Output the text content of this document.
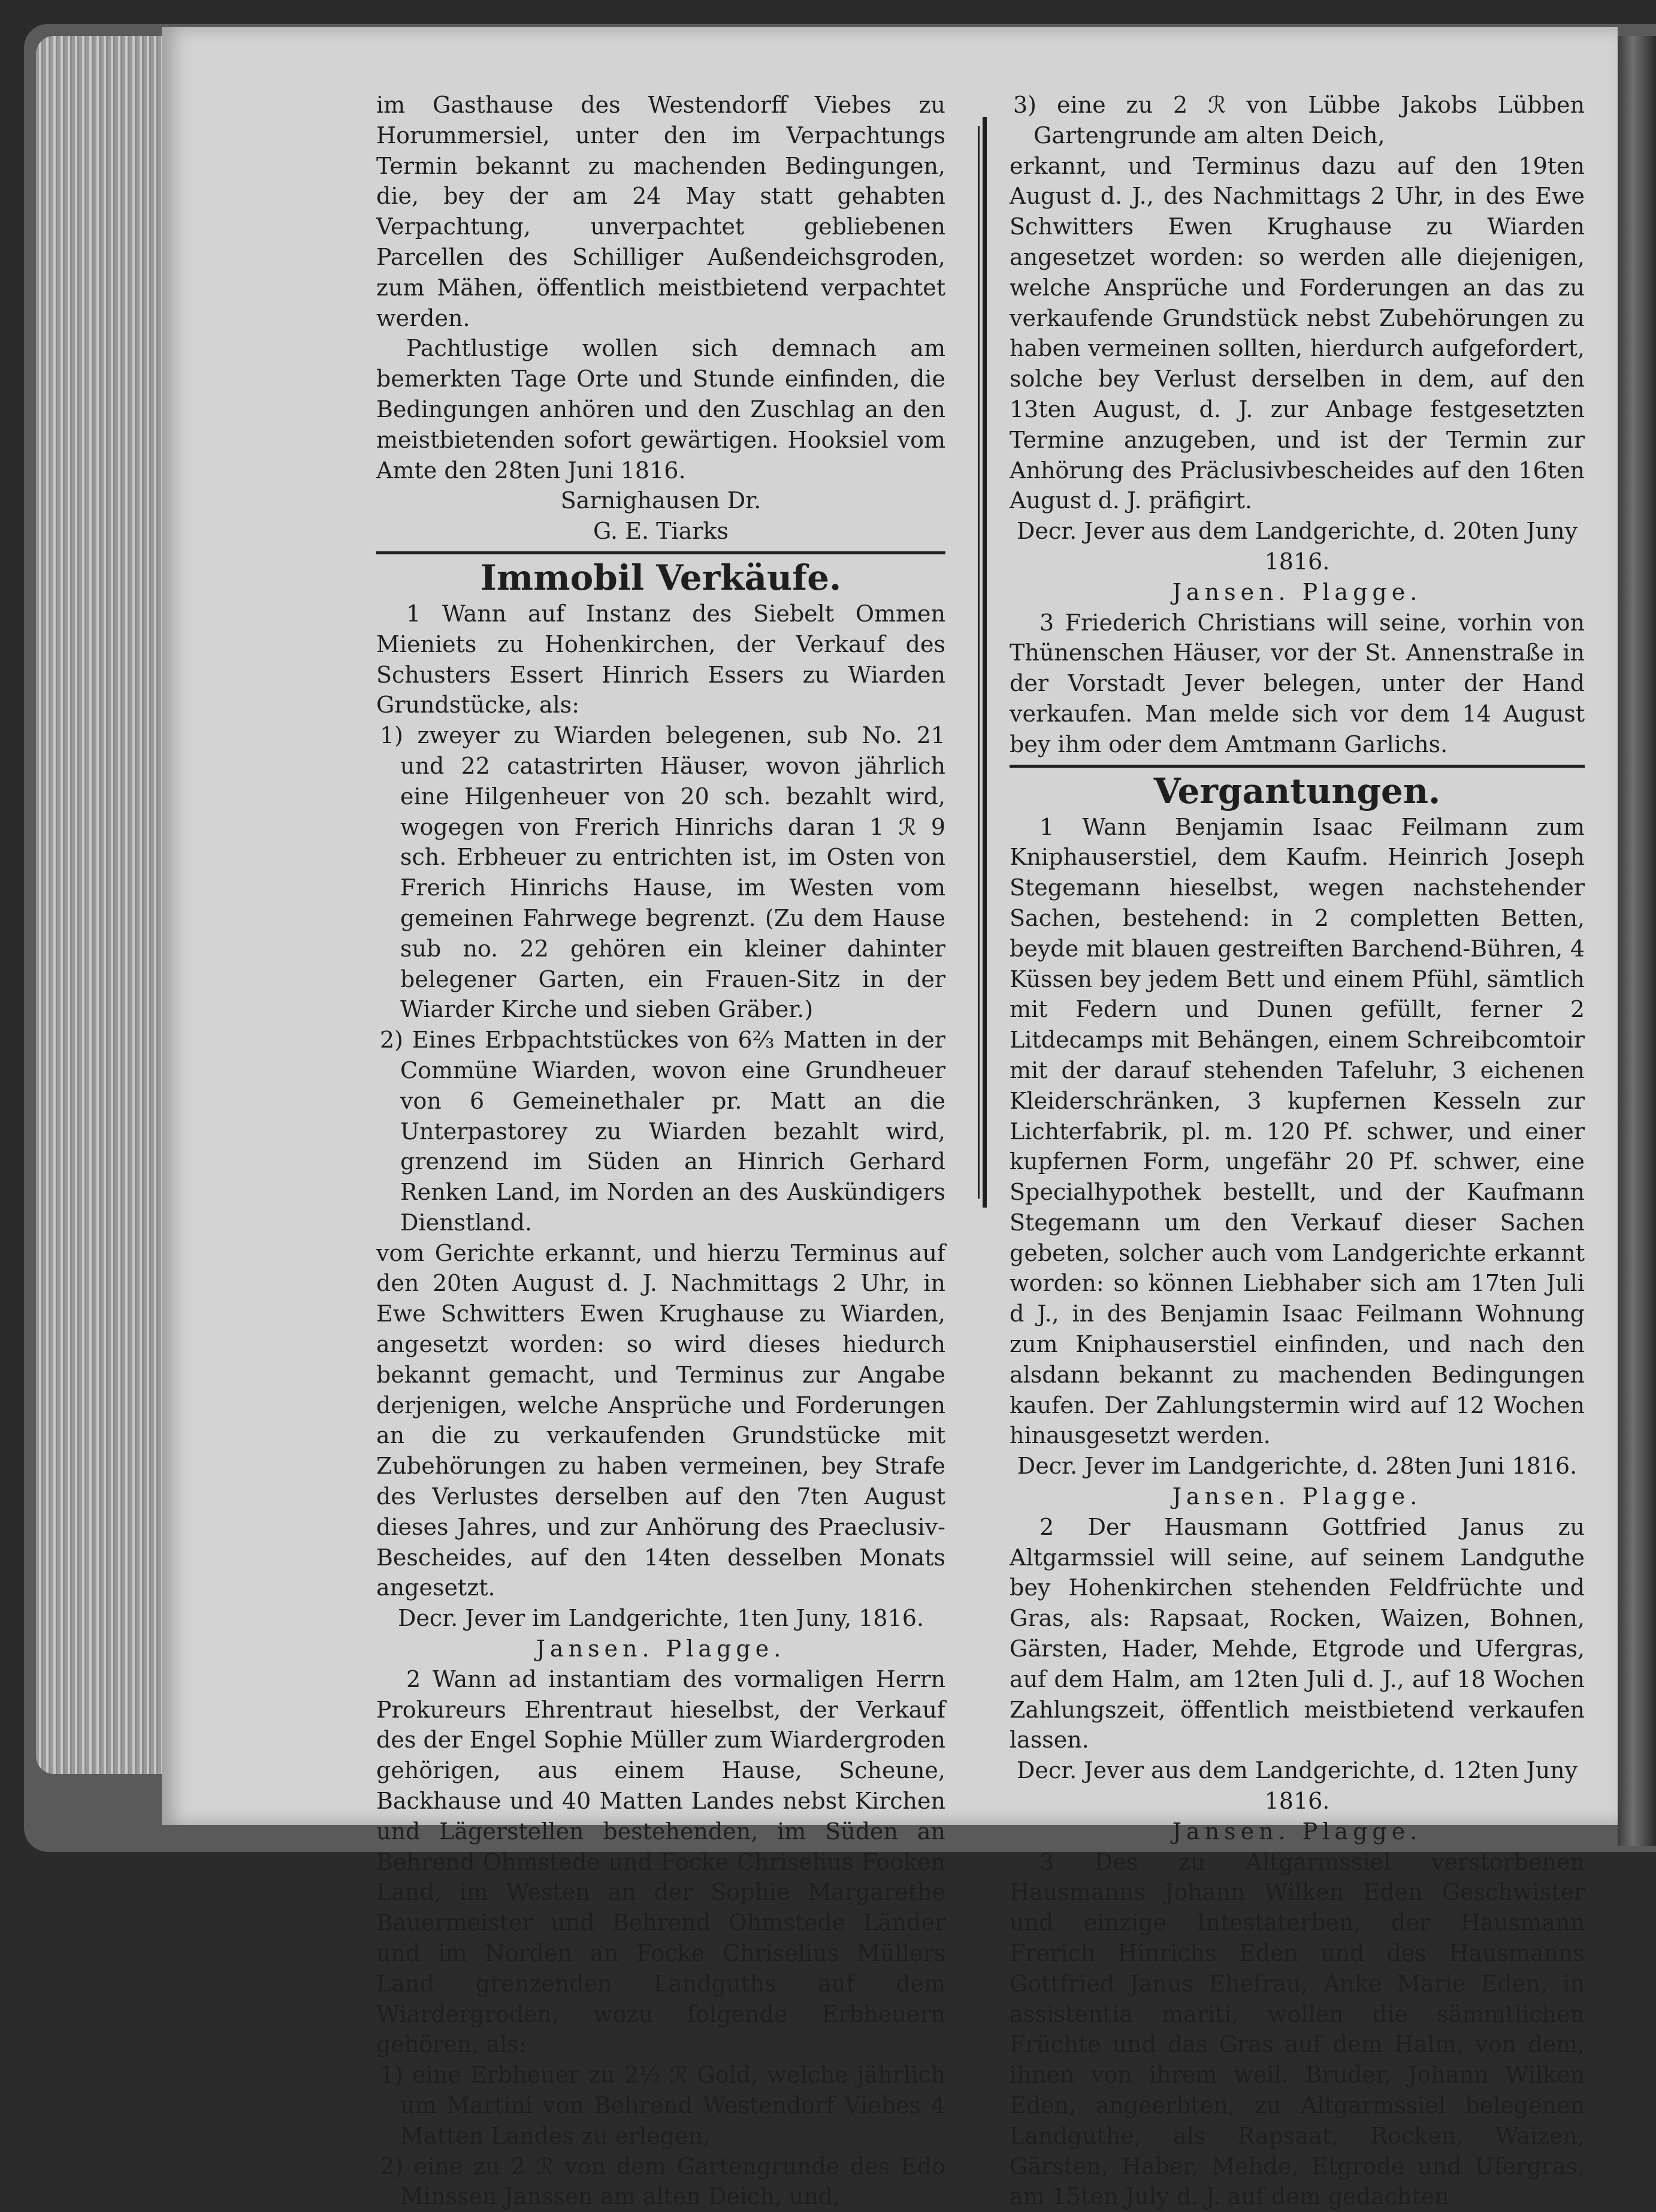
im Gasthause des Westendorff Viebes zu Horummersiel, unter den im Verpachtungs Termin bekannt zu machenden Bedingungen, die, bey der am 24 May statt gehabten Verpachtung, unverpachtet gebliebenen Parcellen des Schilliger Außendeichsgroden, zum Mähen, öffentlich meistbietend verpachtet werden.

Pachtlustige wollen sich demnach am bemerkten Tage Orte und Stunde einfinden, die Bedingungen anhören und den Zuschlag an den meistbietenden sofort gewärtigen. Hooksiel vom Amte den 28ten Juni 1816.

Sarnighausen Dr.

G. E. Tiarks

Immobil Verkäufe.

1 Wann auf Instanz des Siebelt Ommen Mieniets zu Hohenkirchen, der Verkauf des Schusters Essert Hinrich Essers zu Wiarden Grundstücke, als:

1) zweyer zu Wiarden belegenen, sub No. 21 und 22 catastrirten Häuser, wovon jährlich eine Hilgenheuer von 20 sch. bezahlt wird, wogegen von Frerich Hinrichs daran 1 ℛ 9 sch. Erbheuer zu entrichten ist, im Osten von Frerich Hinrichs Hause, im Westen vom gemeinen Fahrwege begrenzt. (Zu dem Hause sub no. 22 gehören ein kleiner dahinter belegener Garten, ein Frauen-Sitz in der Wiarder Kirche und sieben Gräber.)

2) Eines Erbpachtstückes von 6⅔ Matten in der Commüne Wiarden, wovon eine Grundheuer von 6 Gemeinethaler pr. Matt an die Unterpastorey zu Wiarden bezahlt wird, grenzend im Süden an Hinrich Gerhard Renken Land, im Norden an des Auskündigers Dienstland.

vom Gerichte erkannt, und hierzu Terminus auf den 20ten August d. J. Nachmittags 2 Uhr, in Ewe Schwitters Ewen Krughause zu Wiarden, angesetzt worden: so wird dieses hiedurch bekannt gemacht, und Terminus zur Angabe derjenigen, welche Ansprüche und Forderungen an die zu verkaufenden Grundstücke mit Zubehörungen zu haben vermeinen, bey Strafe des Verlustes derselben auf den 7ten August dieses Jahres, und zur Anhörung des Praeclusiv-Bescheides, auf den 14ten desselben Monats angesetzt.

Decr. Jever im Landgerichte, 1ten Juny, 1816.

Jansen. Plagge.

2 Wann ad instantiam des vormaligen Herrn Prokureurs Ehrentraut hieselbst, der Verkauf des der Engel Sophie Müller zum Wiardergroden gehörigen, aus einem Hause, Scheune, Backhause und 40 Matten Landes nebst Kirchen und Lägerstellen bestehenden, im Süden an Behrend Ohmstede und Focke Chriselius Fooken Land, im Westen an der Sophie Margarethe Bauermeister und Behrend Ohmstede Länder und im Norden an Focke Chriselius Müllers Land grenzenden Landguths auf dem Wiardergroden, wozu folgende Erbheuern gehören, als:

1) eine Erbheuer zu 2½ ℛ Gold, welche jährlich um Martini von Behrend Westendorf Viebes 4 Matten Landes zu erlegen,

2) eine zu 2 ℛ von dem Gartengrunde des Edo Minssen Janssen am alten Deich, und,

3) eine zu 2 ℛ von Lübbe Jakobs Lübben Gartengrunde am alten Deich,

erkannt, und Terminus dazu auf den 19ten August d. J., des Nachmittags 2 Uhr, in des Ewe Schwitters Ewen Krughause zu Wiarden angesetzet worden: so werden alle diejenigen, welche Ansprüche und Forderungen an das zu verkaufende Grundstück nebst Zubehörungen zu haben vermeinen sollten, hierdurch aufgefordert, solche bey Verlust derselben in dem, auf den 13ten August, d. J. zur Anbage festgesetzten Termine anzugeben, und ist der Termin zur Anhörung des Präclusivbescheides auf den 16ten August d. J. präfigirt.

Decr. Jever aus dem Landgerichte, d. 20ten Juny 1816.

Jansen. Plagge.

3 Friederich Christians will seine, vorhin von Thünenschen Häuser, vor der St. Annenstraße in der Vorstadt Jever belegen, unter der Hand verkaufen. Man melde sich vor dem 14 August bey ihm oder dem Amtmann Garlichs.

Vergantungen.

1 Wann Benjamin Isaac Feilmann zum Kniphauserstiel, dem Kaufm. Heinrich Joseph Stegemann hieselbst, wegen nachstehender Sachen, bestehend: in 2 completten Betten, beyde mit blauen gestreiften Barchend-Bühren, 4 Küssen bey jedem Bett und einem Pfühl, sämtlich mit Federn und Dunen gefüllt, ferner 2 Litdecamps mit Behängen, einem Schreibcomtoir mit der darauf stehenden Tafeluhr, 3 eichenen Kleiderschränken, 3 kupfernen Kesseln zur Lichterfabrik, pl. m. 120 Pf. schwer, und einer kupfernen Form, ungefähr 20 Pf. schwer, eine Specialhypothek bestellt, und der Kaufmann Stegemann um den Verkauf dieser Sachen gebeten, solcher auch vom Landgerichte erkannt worden: so können Liebhaber sich am 17ten Juli d J., in des Benjamin Isaac Feilmann Wohnung zum Kniphauserstiel einfinden, und nach den alsdann bekannt zu machenden Bedingungen kaufen. Der Zahlungstermin wird auf 12 Wochen hinausgesetzt werden.

Decr. Jever im Landgerichte, d. 28ten Juni 1816.

Jansen. Plagge.

2 Der Hausmann Gottfried Janus zu Altgarmssiel will seine, auf seinem Landguthe bey Hohenkirchen stehenden Feldfrüchte und Gras, als: Rapsaat, Rocken, Waizen, Bohnen, Gärsten, Hader, Mehde, Etgrode und Ufergras, auf dem Halm, am 12ten Juli d. J., auf 18 Wochen Zahlungszeit, öffentlich meistbietend verkaufen lassen.

Decr. Jever aus dem Landgerichte, d. 12ten Juny 1816.

Jansen. Plagge.

3 Des zu Altgarmssiel verstorbenen Hausmanns Johann Wilken Eden Geschwister und einzige Intestaterben, der Hausmann Frerich Hinrichs Eden und des Hausmanns Gottfried Janus Ehefrau, Anke Marie Eden, in assistentia mariti, wollen die sämmtlichen Früchte und das Gras auf dem Halm, von dem, ihnen von ihrem weil. Bruder, Johann Wilken Eden, angeerbten, zu Altgarmssiel belegenen Landguthe, als Rapsaat, Rocken, Waizen, Gärsten, Haber, Mehde, Etgrode und Ufergras, am 15ten July d. J. auf dem gedachten
